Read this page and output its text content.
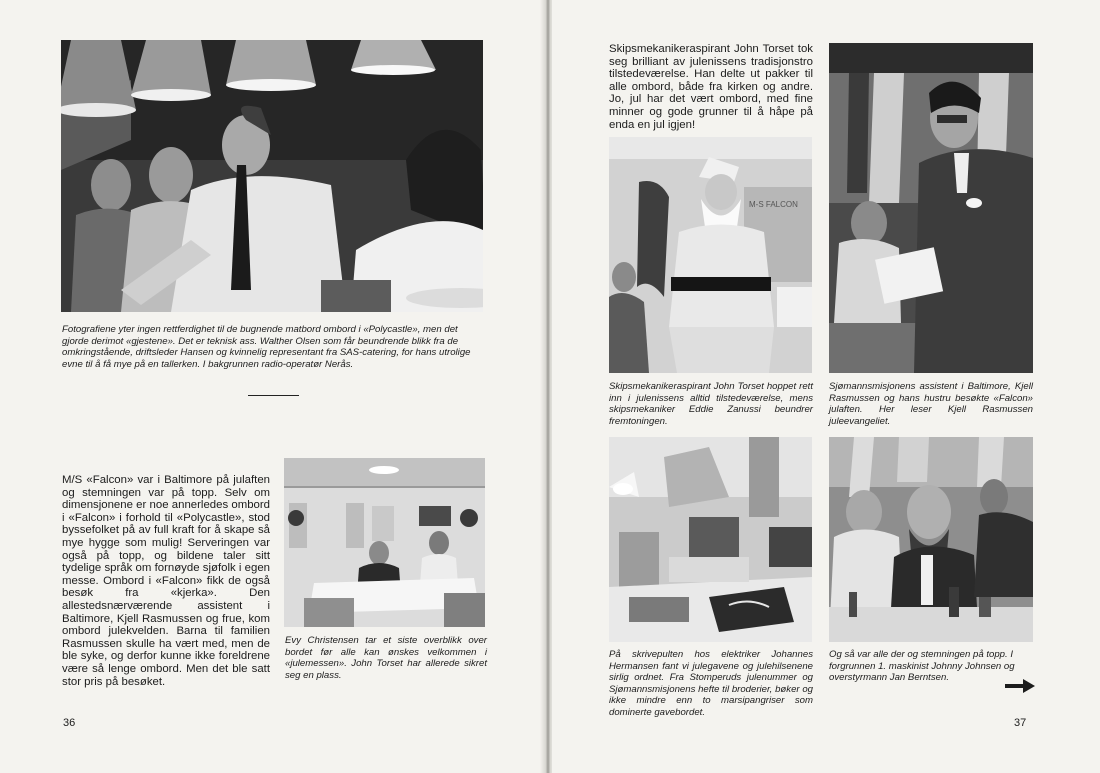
Fotografiene yter ingen rettferdighet til de bugnende matbord ombord i «Polycastle», men det gjorde derimot «gjestene». Det er teknisk ass. Walther Olsen som får beundrende blikk fra de omkringstående, driftsleder Hansen og kvinnelig representant fra SAS-catering, for hans utrolige evne til å få mye på en tallerken. I bakgrunnen radio-operatør Nerås.

M/S «Falcon» var i Baltimore på julaften og stemningen var på topp. Selv om dimensjonene er noe annerledes ombord i «Falcon» i forhold til «Polycastle», stod byssefolket på av full kraft for å skape så mye hygge som mulig! Serveringen var også på topp, og bildene taler sitt tydelige språk om fornøyde sjøfolk i egen messe. Ombord i «Falcon» fikk de også besøk fra «kjerka». Den allestedsnærværende assistent i Baltimore, Kjell Rasmussen og frue, kom ombord julekvelden. Barna til familien Rasmussen skulle ha vært med, men de ble syke, og derfor kunne ikke foreldrene være så lenge ombord. Men det ble satt stor pris på besøket.

Evy Christensen tar et siste overblikk over bordet før alle kan ønskes velkommen i «julemessen». John Torset har allerede sikret seg en plass.

36

Skipsmekanikeraspirant John Torset tok seg brilliant av julenissens tradisjonstro tilstedeværelse. Han delte ut pakker til alle ombord, både fra kirken og andre. Jo, jul har det vært ombord, med fine minner og gode grunner til å håpe på enda en jul igjen!

M-S FALCON

Skipsmekanikeraspirant John Torset hoppet rett inn i julenissens alltid tilstedeværelse, mens skipsmekaniker Eddie Zanussi beundrer fremtoningen.

Sjømannsmisjonens assistent i Baltimore, Kjell Rasmussen og hans hustru besøkte «Falcon» julaften. Her leser Kjell Rasmussen juleevangeliet.

På skrivepulten hos elektriker Johannes Hermansen fant vi julegavene og julehilsenene sirlig ordnet. Fra Stomperuds julenummer og Sjømannsmisjonens hefte til broderier, bøker og ikke mindre enn to marsipangriser som dominerte gavebordet.

Og så var alle der og stemningen på topp. I forgrunnen 1. maskinist Johnny Johnsen og overstyrmann Jan Berntsen.

37
